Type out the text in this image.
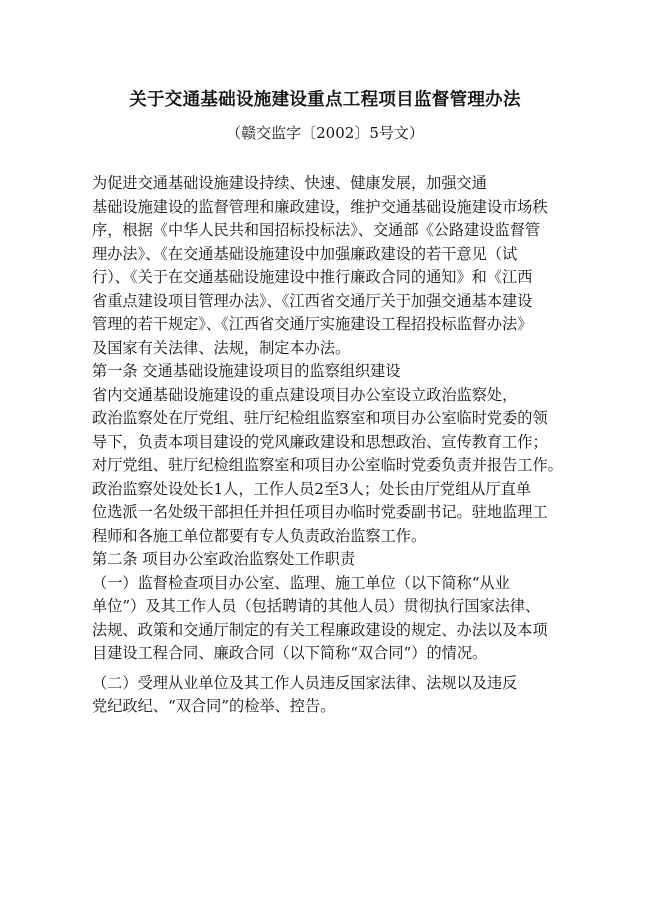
关于交通基础设施建设重点工程项目监督管理办法

（赣交监字〔2002〕5号文）

为促进交通基础设施建设持续、快速、健康发展，加强交通
基础设施建设的监督管理和廉政建设，维护交通基础设施建设市场秩
序，根据《中华人民共和国招标投标法》、交通部《公路建设监督管
理办法》、《在交通基础设施建设中加强廉政建设的若干意见（试
行）、《关于在交通基础设施建设中推行廉政合同的通知》和《江西
省重点建设项目管理办法》、《江西省交通厅关于加强交通基本建设
管理的若干规定》、《江西省交通厅实施建设工程招投标监督办法》
及国家有关法律、法规，制定本办法。
第一条 交通基础设施建设项目的监察组织建设
省内交通基础设施建设的重点建设项目办公室设立政治监察处，
政治监察处在厅党组、驻厅纪检组监察室和项目办公室临时党委的领
导下，负责本项目建设的党风廉政建设和思想政治、宣传教育工作；
对厅党组、驻厅纪检组监察室和项目办公室临时党委负责并报告工作。
政治监察处设处长1人，工作人员2至3人；处长由厅党组从厅直单
位选派一名处级干部担任并担任项目办临时党委副书记。驻地监理工
程师和各施工单位都要有专人负责政治监察工作。
第二条 项目办公室政治监察处工作职责
（一）监督检查项目办公室、监理、施工单位（以下简称“从业
单位”）及其工作人员（包括聘请的其他人员）贯彻执行国家法律、
法规、政策和交通厅制定的有关工程廉政建设的规定、办法以及本项
目建设工程合同、廉政合同（以下简称“双合同”）的情况。
（二）受理从业单位及其工作人员违反国家法律、法规以及违反
党纪政纪、“双合同”的检举、控告。
